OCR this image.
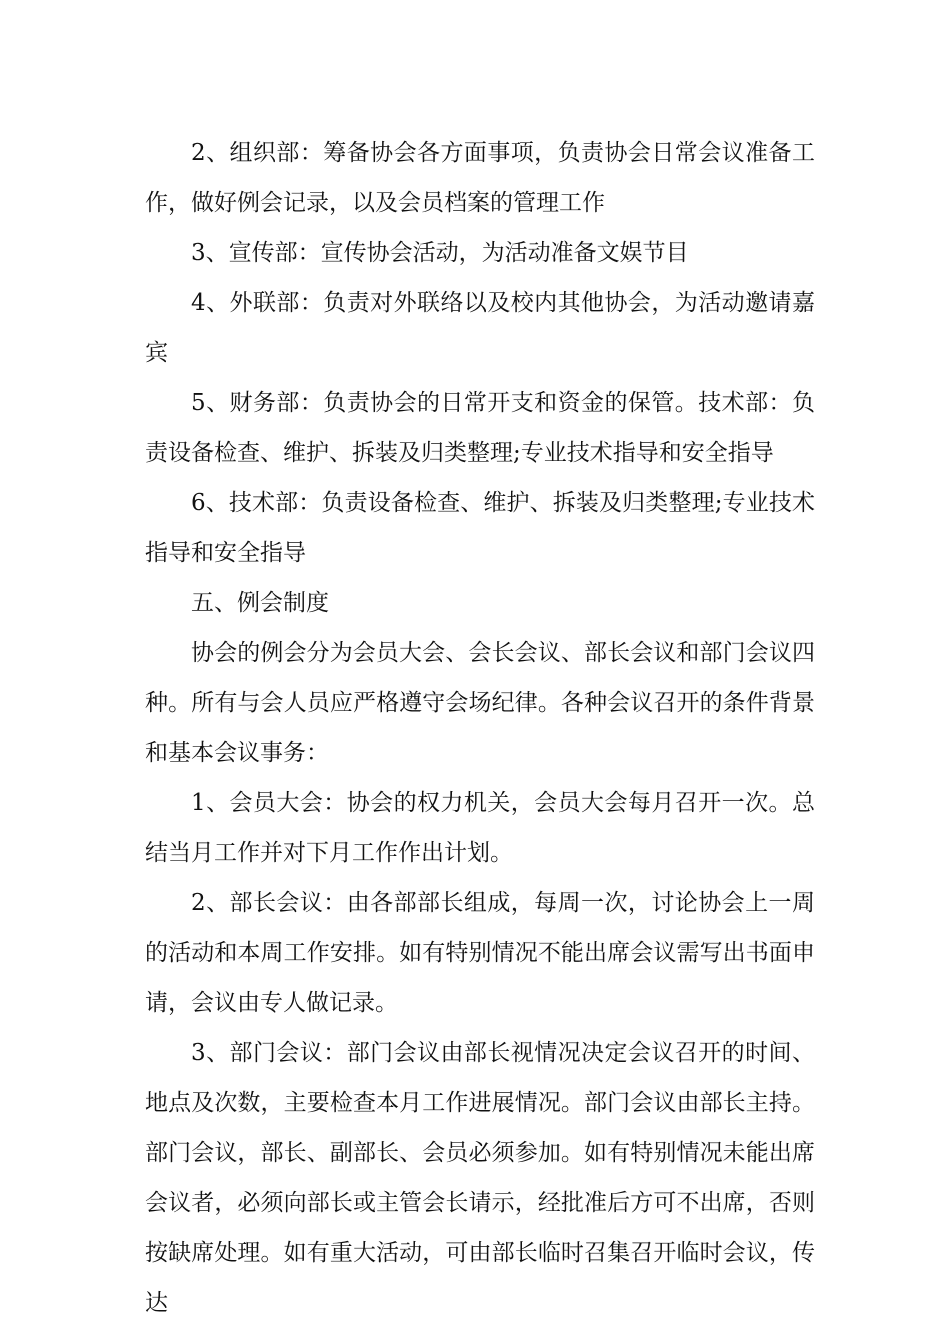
2、组织部：筹备协会各方面事项，负责协会日常会议准备工作，做好例会记录，以及会员档案的管理工作

3、宣传部：宣传协会活动，为活动准备文娱节目

4、外联部：负责对外联络以及校内其他协会，为活动邀请嘉宾

5、财务部：负责协会的日常开支和资金的保管。技术部：负责设备检查、维护、拆装及归类整理;专业技术指导和安全指导

6、技术部：负责设备检查、维护、拆装及归类整理;专业技术指导和安全指导

五、例会制度

协会的例会分为会员大会、会长会议、部长会议和部门会议四种。所有与会人员应严格遵守会场纪律。各种会议召开的条件背景和基本会议事务：

1、会员大会：协会的权力机关，会员大会每月召开一次。总结当月工作并对下月工作作出计划。

2、部长会议：由各部部长组成，每周一次，讨论协会上一周的活动和本周工作安排。如有特别情况不能出席会议需写出书面申请，会议由专人做记录。

3、部门会议：部门会议由部长视情况决定会议召开的时间、地点及次数，主要检查本月工作进展情况。部门会议由部长主持。部门会议，部长、副部长、会员必须参加。如有特别情况未能出席会议者，必须向部长或主管会长请示，经批准后方可不出席，否则按缺席处理。如有重大活动，可由部长临时召集召开临时会议，传达
